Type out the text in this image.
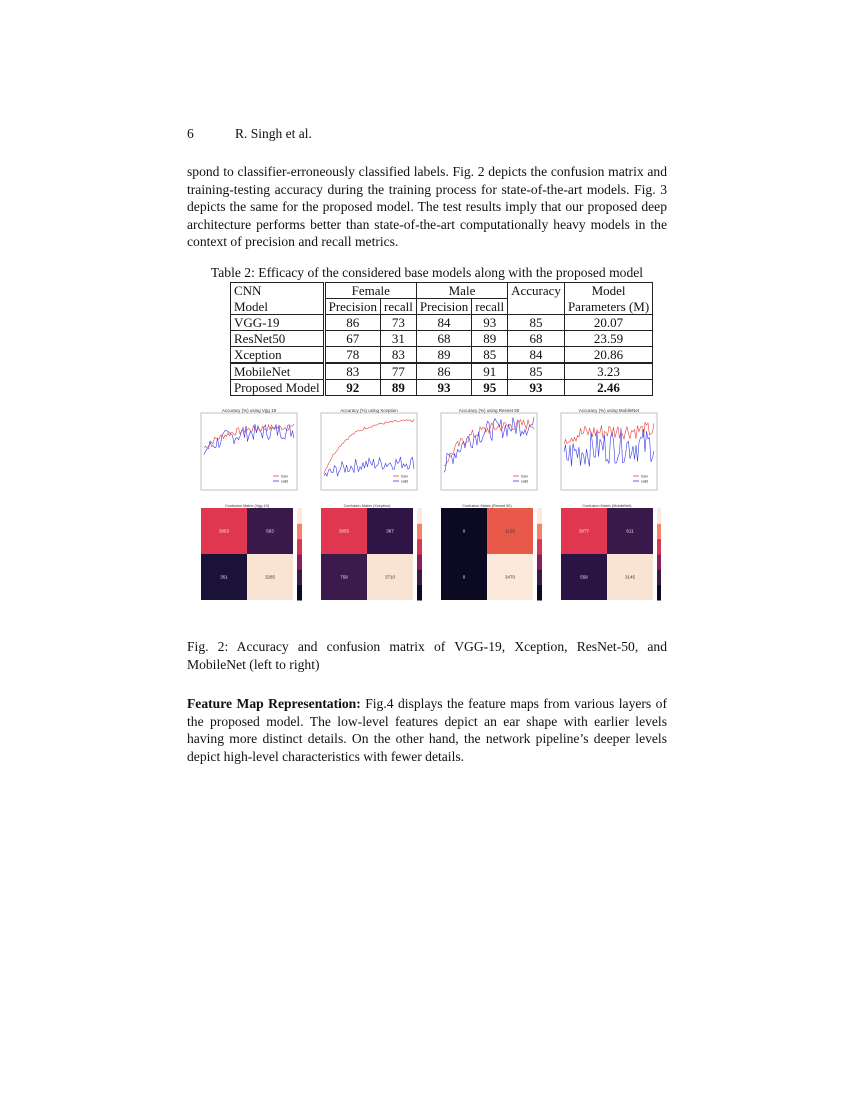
6	R. Singh et al.

spond to classifier-erroneously classified labels. Fig. 2 depicts the confusion matrix and training-testing accuracy during the training process for state-of-the-art models. Fig. 3 depicts the same for the proposed model. The test results imply that our proposed deep architecture performs better than state-of-the-art computationally heavy models in the context of precision and recall metrics.

Table 2: Efficacy of the considered base models along with the proposed model
CNN	Female		Male		Accuracy	Model
Model	Precision	recall	Precision	recall		Parameters (M)
VGG-19	86	73	84	93	85	20.07
ResNet50	67	31	68	89	68	23.59
Xception	78	83	89	85	84	20.86
MobileNet	83	77	86	91	85	3.23
Proposed Model	92	89	93	95	93	2.46
Accuracy (%) using Vgg 19
train
valid
Accuracy (%) using Xception
train
valid
Accuracy (%) using Resnet 50
train
valid
Accuracy (%) using MobileNet
train
valid
Confusion Matrix (Vgg 19)
3053	563
351	3285
Confusion Matrix (Xception)
3055	367
758	3710
Confusion Matrix (Resnet 50)
0	1126
0	3470
Confusion Matrix (MobileNet)
3077	611
558	3145

Fig. 2: Accuracy and confusion matrix of VGG-19, Xception, ResNet-50, and MobileNet (left to right)

Feature Map Representation: Fig.4 displays the feature maps from various layers of the proposed model. The low-level features depict an ear shape with earlier levels having more distinct details. On the other hand, the network pipeline’s deeper levels depict high-level characteristics with fewer details.
